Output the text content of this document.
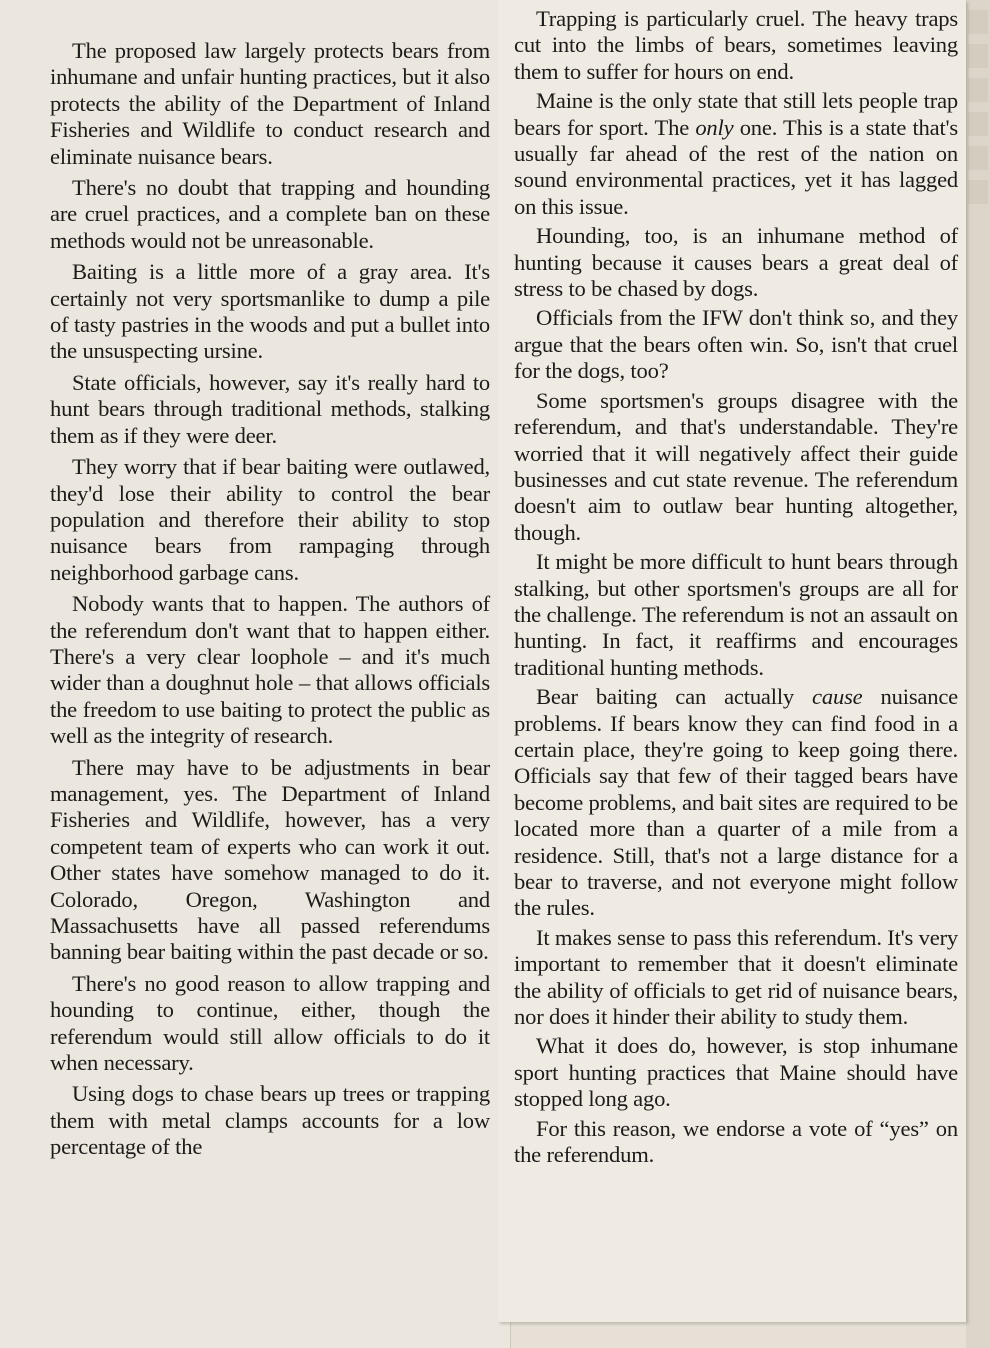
The proposed law largely protects bears from inhumane and unfair hunting practices, but it also protects the ability of the Department of Inland Fisheries and Wildlife to conduct research and eliminate nuisance bears.

There's no doubt that trapping and hounding are cruel practices, and a complete ban on these methods would not be unreasonable.

Baiting is a little more of a gray area. It's certainly not very sportsmanlike to dump a pile of tasty pastries in the woods and put a bullet into the unsuspecting ursine.

State officials, however, say it's really hard to hunt bears through traditional methods, stalking them as if they were deer.

They worry that if bear baiting were outlawed, they'd lose their ability to control the bear population and therefore their ability to stop nuisance bears from rampaging through neighborhood garbage cans.

Nobody wants that to happen. The authors of the referendum don't want that to happen either. There's a very clear loophole – and it's much wider than a doughnut hole – that allows officials the freedom to use baiting to protect the public as well as the integrity of research.

There may have to be adjustments in bear management, yes. The Department of Inland Fisheries and Wildlife, however, has a very competent team of experts who can work it out. Other states have somehow managed to do it. Colorado, Oregon, Washington and Massachusetts have all passed referendums banning bear baiting within the past decade or so.

There's no good reason to allow trapping and hounding to continue, either, though the referendum would still allow officials to do it when necessary.

Using dogs to chase bears up trees or trapping them with metal clamps accounts for a low percentage of the

Trapping is particularly cruel. The heavy traps cut into the limbs of bears, sometimes leaving them to suffer for hours on end.

Maine is the only state that still lets people trap bears for sport. The only one. This is a state that's usually far ahead of the rest of the nation on sound environmental practices, yet it has lagged on this issue.

Hounding, too, is an inhumane method of hunting because it causes bears a great deal of stress to be chased by dogs.

Officials from the IFW don't think so, and they argue that the bears often win. So, isn't that cruel for the dogs, too?

Some sportsmen's groups disagree with the referendum, and that's understandable. They're worried that it will negatively affect their guide businesses and cut state revenue. The referendum doesn't aim to outlaw bear hunting altogether, though.

It might be more difficult to hunt bears through stalking, but other sportsmen's groups are all for the challenge. The referendum is not an assault on hunting. In fact, it reaffirms and encourages traditional hunting methods.

Bear baiting can actually cause nuisance problems. If bears know they can find food in a certain place, they're going to keep going there. Officials say that few of their tagged bears have become problems, and bait sites are required to be located more than a quarter of a mile from a residence. Still, that's not a large distance for a bear to traverse, and not everyone might follow the rules.

It makes sense to pass this referendum. It's very important to remember that it doesn't eliminate the ability of officials to get rid of nuisance bears, nor does it hinder their ability to study them.

What it does do, however, is stop inhumane sport hunting practices that Maine should have stopped long ago.

For this reason, we endorse a vote of “yes” on the referendum.
